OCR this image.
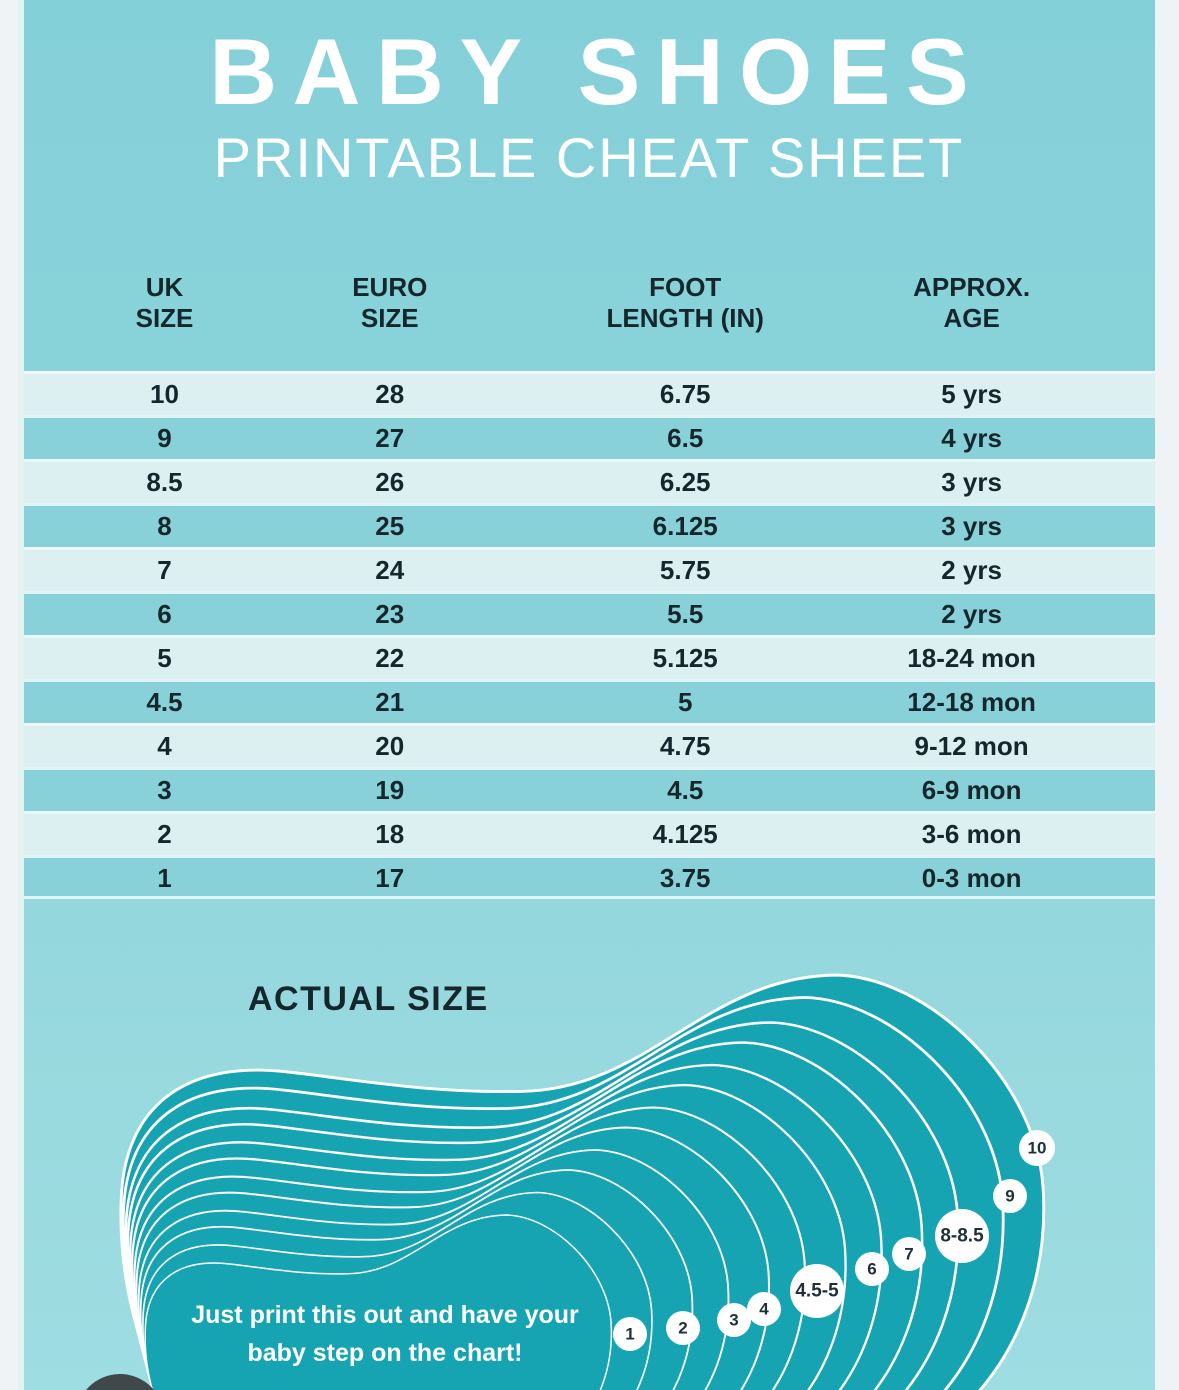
BABY SHOES
PRINTABLE CHEAT SHEET
UK
SIZE
EURO
SIZE
FOOT
LENGTH (IN)
APPROX.
AGE
10	28	6.75	5 yrs
9	27	6.5	4 yrs
8.5	26	6.25	3 yrs
8	25	6.125	3 yrs
7	24	5.75	2 yrs
6	23	5.5	2 yrs
5	22	5.125	18-24 mon
4.5	21	5	12-18 mon
4	20	4.75	9-12 mon
3	19	4.5	6-9 mon
2	18	4.125	3-6 mon
1	17	3.75	0-3 mon
ACTUAL SIZE
1	2 3
4
4.5-5
6
7
8-8.5
9
10
Just print this out and have your
baby step on the chart!
